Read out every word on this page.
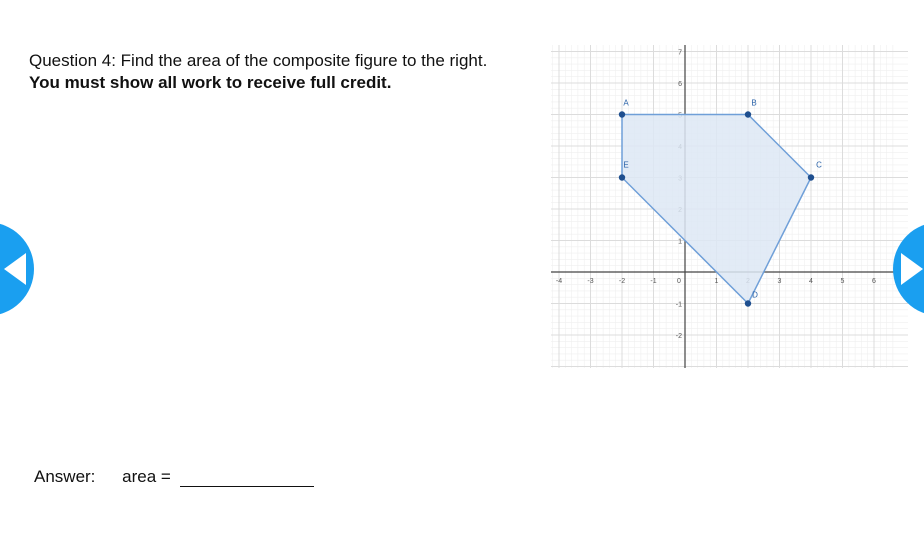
Question 4: Find the area of the composite figure to the right.
You must show all work to receive full credit.
-4	-3	-2	-1	0	1	3	4	5	6
7
6
1
-1
-2
A	B
C
D
E
Answer: area =
